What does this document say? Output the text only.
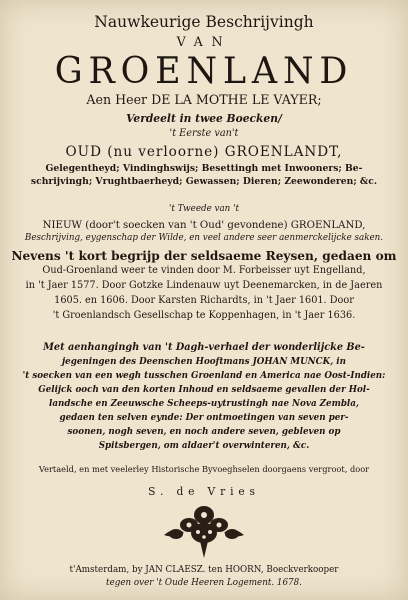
Nauwkeurige Beschrijvingh
VAN
GROENLAND
Aen Heer DE LA MOTHE LE VAYER;
Verdeelt in twee Boecken/
't Eerste van't
OUD (nu verloorne) GROENLANDT,
Gelegentheyd; Vindinghswijs; Besettingh met Inwooners; Be-
schrijvingh; Vrughtbaerheyd; Gewassen; Dieren; Zeewonderen; &c.
't Tweede van 't
NIEUW (door't soecken van 't Oud' gevondene) GROENLAND,
Beschrijving, eygenschap der Wilde, en veel andere seer aenmerckelijcke saken.
Nevens 't kort begrijp der seldsaeme Reysen, gedaen om
Oud-Groenland weer te vinden door M. Forbeisser uyt Engelland,
in 't Jaer 1577. Door Gotzke Lindenauw uyt Deenemarcken, in de Jaeren
1605. en 1606. Door Karsten Richardts, in 't Jaer 1601. Door
't Groenlandsch Gesellschap te Koppenhagen, in 't Jaer 1636.
Met aenhangingh van 't Dagh-verhael der wonderlijcke Be-
jegeningen des Deenschen Hooftmans JOHAN MUNCK, in
't soecken van een wegh tusschen Groenland en America nae Oost-Indien:
Gelijck ooch van den korten Inhoud en seldsaeme gevallen der Hol-
landsche en Zeeuwsche Scheeps-uytrustingh nae Nova Zembla,
gedaen ten selven eynde: Der ontmoetingen van seven per-
soonen, nogh seven, en noch andere seven, gebleven op
Spitsbergen, om aldaer't overwinteren, &c.
Vertaeld, en met veelerley Historische Byvoeghselen doorgaens vergroot, door
S. de Vries
t'Amsterdam, by JAN CLAESZ. ten HOORN, Boeckverkooper
tegen over 't Oude Heeren Logement. 1678.
